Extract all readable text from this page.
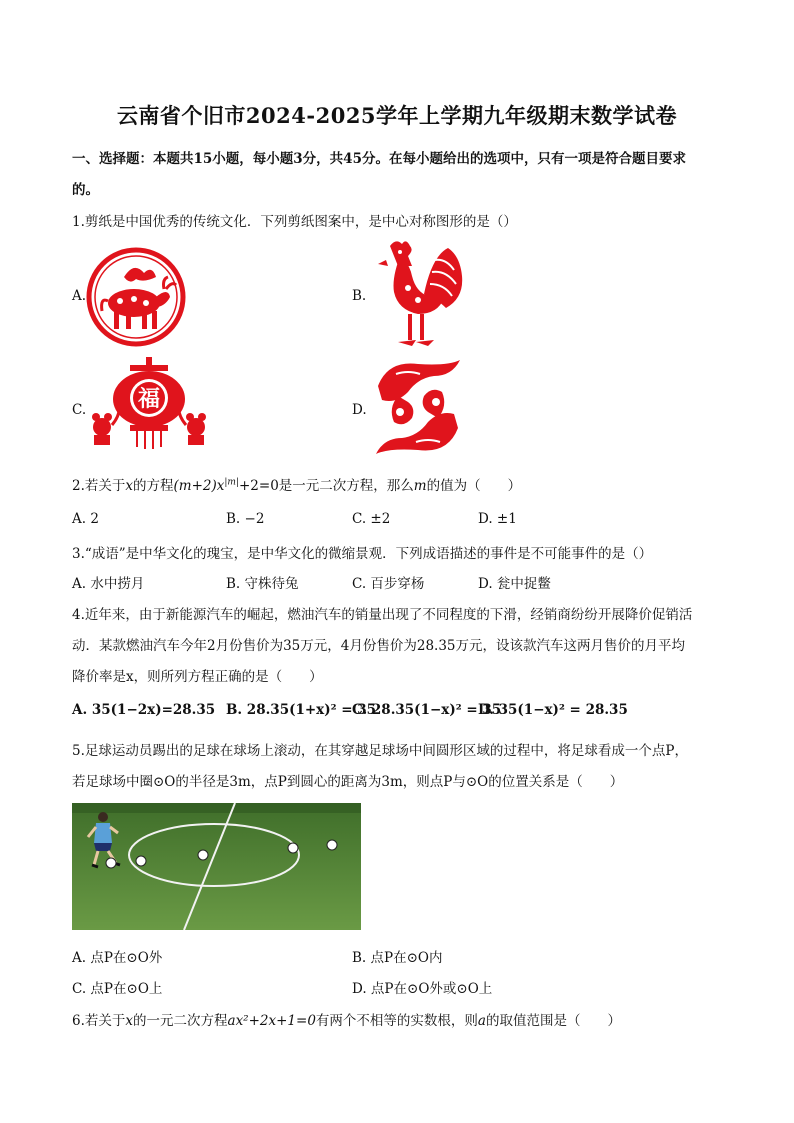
云南省个旧市2024-2025学年上学期九年级期末数学试卷
一、选择题：本题共15小题，每小题3分，共45分。在每小题给出的选项中，只有一项是符合题目要求
的。
1.剪纸是中国优秀的传统文化．下列剪纸图案中，是中心对称图形的是（）
A.	B.
C. 福	D.
2.若关于x的方程$(m+2)x^{|m|}+2=0$是一元二次方程，那么m的值为（　　）
A. 2	B. −2	C. ±2	D. ±1
3.“成语”是中华文化的瑰宝，是中华文化的微缩景观．下列成语描述的事件是不可能事件的是（）
A. 水中捞月	B. 守株待兔	C. 百步穿杨	D. 瓮中捉鳖
4.近年来，由于新能源汽车的崛起，燃油汽车的销量出现了不同程度的下滑，经销商纷纷开展降价促销活
动．某款燃油汽车今年2月份售价为35万元，4月份售价为28.35万元，设该款汽车这两月售价的月平均
降价率是x，则所列方程正确的是（　　）
A. 35(1−2x)=28.35 B. 28.35(1+x)² = 35
C. 28.35(1−x)² = 35
D. 35(1−x)² = 28.35
5.足球运动员踢出的足球在球场上滚动，在其穿越足球场中间圆形区域的过程中，将足球看成一个点P，
若足球场中圈⊙O的半径是3m，点P到圆心的距离为3m，则点P与⊙O的位置关系是（　　）
A. 点P在⊙O外	B. 点P在⊙O内
C. 点P在⊙O上	D. 点P在⊙O外或⊙O上
6.若关于x的一元二次方程ax²+2x+1=0有两个不相等的实数根，则a的取值范围是（　　）
